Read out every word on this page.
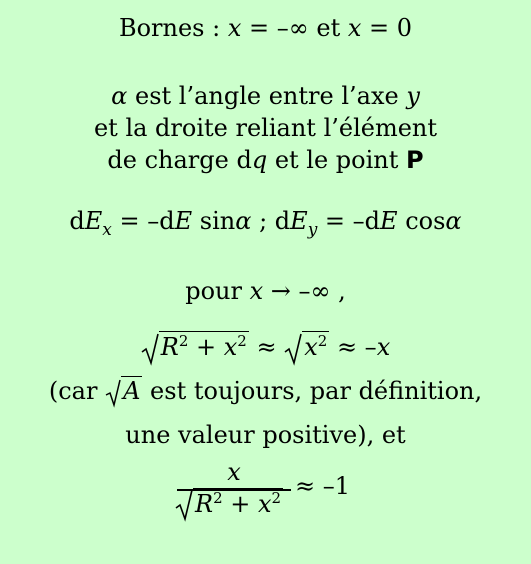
Bornes : x = –∞ et x = 0
α est l’angle entre l’axe y
et la droite reliant l’élément
de charge dq et le point P
$dE_x = -dE$ sinα ; $dE_y = -dE$ cosα
pour x → –∞ ,
$R^2 + x^2 \approx x^2 \approx -x$
(car A est toujours, par définition,
une valeur positive), et
x
$R^2 + x^2 \approx -1$
